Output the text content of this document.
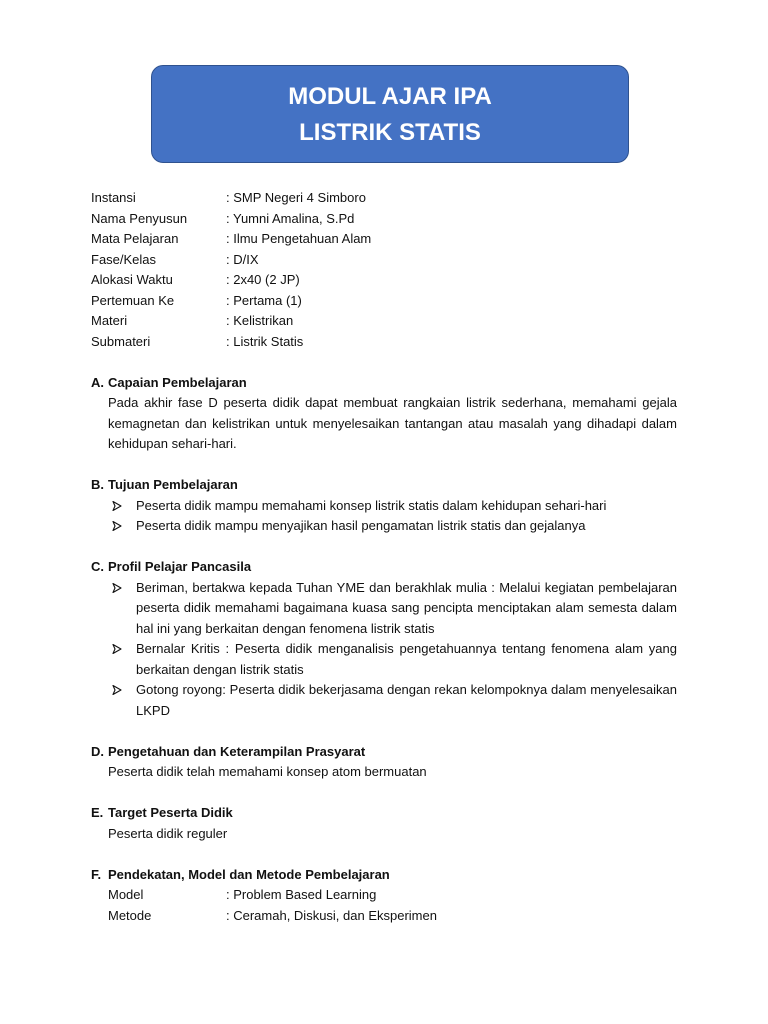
MODUL AJAR IPA
LISTRIK STATIS
Instansi	: SMP Negeri 4 Simboro
Nama Penyusun	: Yumni Amalina, S.Pd
Mata Pelajaran	: Ilmu Pengetahuan Alam
Fase/Kelas	: D/IX
Alokasi Waktu	: 2x40 (2 JP)
Pertemuan Ke	: Pertama (1)
Materi	: Kelistrikan
Submateri	: Listrik Statis
A. Capaian Pembelajaran
Pada akhir fase D peserta didik dapat membuat rangkaian listrik sederhana, memahami gejala kemagnetan dan kelistrikan untuk menyelesaikan tantangan atau masalah yang dihadapi dalam kehidupan sehari-hari.
B. Tujuan Pembelajaran
Peserta didik mampu memahami konsep listrik statis dalam kehidupan sehari-hari
Peserta didik mampu menyajikan hasil pengamatan listrik statis dan gejalanya
C. Profil Pelajar Pancasila
Beriman, bertakwa kepada Tuhan YME dan berakhlak mulia : Melalui kegiatan pembelajaran peserta didik memahami bagaimana kuasa sang pencipta menciptakan alam semesta dalam hal ini yang berkaitan dengan fenomena listrik statis
Bernalar Kritis : Peserta didik menganalisis pengetahuannya tentang fenomena alam yang berkaitan dengan listrik statis
Gotong royong: Peserta didik bekerjasama dengan rekan kelompoknya dalam menyelesaikan LKPD
D. Pengetahuan dan Keterampilan Prasyarat
Peserta didik telah memahami konsep atom bermuatan
E. Target Peserta Didik
Peserta didik reguler
F. Pendekatan, Model dan Metode Pembelajaran
Model	: Problem Based Learning
Metode	: Ceramah, Diskusi, dan Eksperimen
